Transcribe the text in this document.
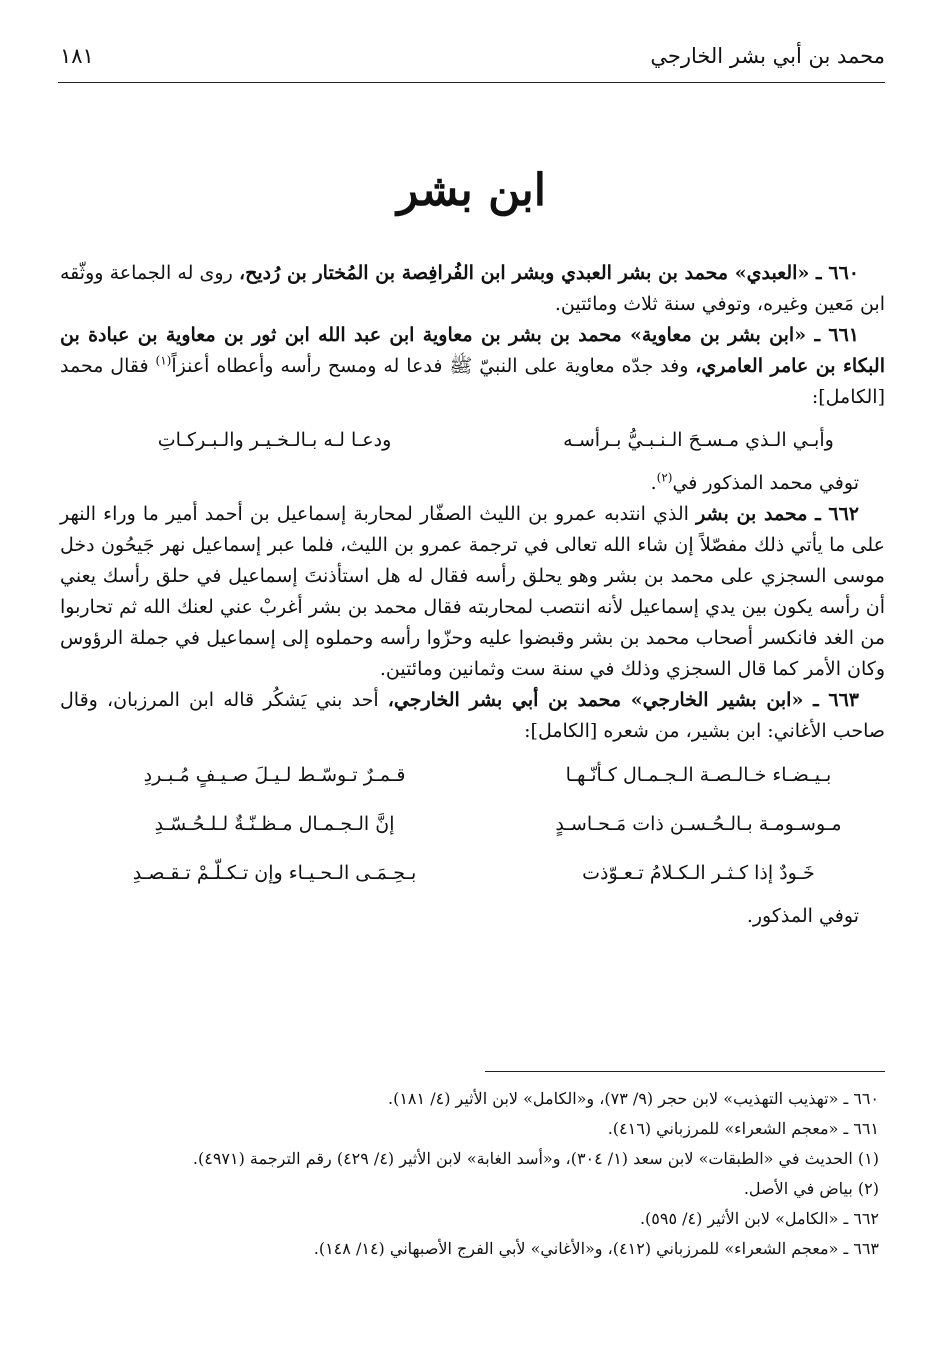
محمد بن أبي بشر الخارجي
١٨١
ابن بشر

٦٦٠ ـ «العبدي» محمد بن بشر العبدي وبشر ابن الفُرافِصة بن المُختار بن رُديح، روى له الجماعة ووثّقه ابن مَعين وغيره، وتوفي سنة ثلاث ومائتين.

٦٦١ ـ «ابن بشر بن معاوية» محمد بن بشر بن معاوية ابن عبد الله ابن ثور بن معاوية بن عبادة بن البكاء بن عامر العامري، وفد جدّه معاوية على النبيّ ﷺ فدعا له ومسح رأسه وأعطاه أعنزاً$^{(١)}$ فقال محمد [الكامل]:

وأبـي الـذي مـسـحَ الـنـبـيُّ بـرأسـه
ودعـا لـه بـالـخـيـر والـبـركـاتِ

توفي محمد المذكور في$^{(٢)}$.

٦٦٢ ـ محمد بن بشر الذي انتدبه عمرو بن الليث الصفّار لمحاربة إسماعيل بن أحمد أمير ما وراء النهر على ما يأتي ذلك مفصّلاً إن شاء الله تعالى في ترجمة عمرو بن الليث، فلما عبر إسماعيل نهر جَيحُون دخل موسى السجزي على محمد بن بشر وهو يحلق رأسه فقال له هل استأذنتَ إسماعيل في حلق رأسك يعني أن رأسه يكون بين يدي إسماعيل لأنه انتصب لمحاربته فقال محمد بن بشر أغربْ عني لعنك الله ثم تحاربوا من الغد فانكسر أصحاب محمد بن بشر وقبضوا عليه وحزّوا رأسه وحملوه إلى إسماعيل في جملة الرؤوس وكان الأمر كما قال السجزي وذلك في سنة ست وثمانين ومائتين.

٦٦٣ ـ «ابن بشير الخارجي» محمد بن أبي بشر الخارجي، أحد بني يَشكُر قاله ابن المرزبان، وقال صاحب الأغاني: ابن بشير، من شعره [الكامل]:

بـيـضـاء خـالـصـة الـجـمـال كـأنّـهـا
قـمـرٌ تـوسّـط لـيـلَ صـيـفٍ مُـبـردِ
مـوسـومـة بـالـحُـسـن ذات مَـحـاسـدٍ
إنَّ الـجـمـال مـظـنّـةٌ لـلـحُـسّـدِ
خَـودٌ إذا كـثـر الـكـلامُ تـعـوّذت
بـحِـمَـى الـحـيـاء وإن تـكـلّـمْ تـقـصـدِ

توفي المذكور.

٦٦٠ ـ «تهذيب التهذيب» لابن حجر (٩/ ٧٣)، و«الكامل» لابن الأثير (٤/ ١٨١).
٦٦١ ـ «معجم الشعراء» للمرزباني (٤١٦).
(١) الحديث في «الطبقات» لابن سعد (١/ ٣٠٤)، و«أسد الغابة» لابن الأثير (٤/ ٤٢٩) رقم الترجمة (٤٩٧١).
(٢) بياض في الأصل.
٦٦٢ ـ «الكامل» لابن الأثير (٤/ ٥٩٥).
٦٦٣ ـ «معجم الشعراء» للمرزباني (٤١٢)، و«الأغاني» لأبي الفرج الأصبهاني (١٤/ ١٤٨).
